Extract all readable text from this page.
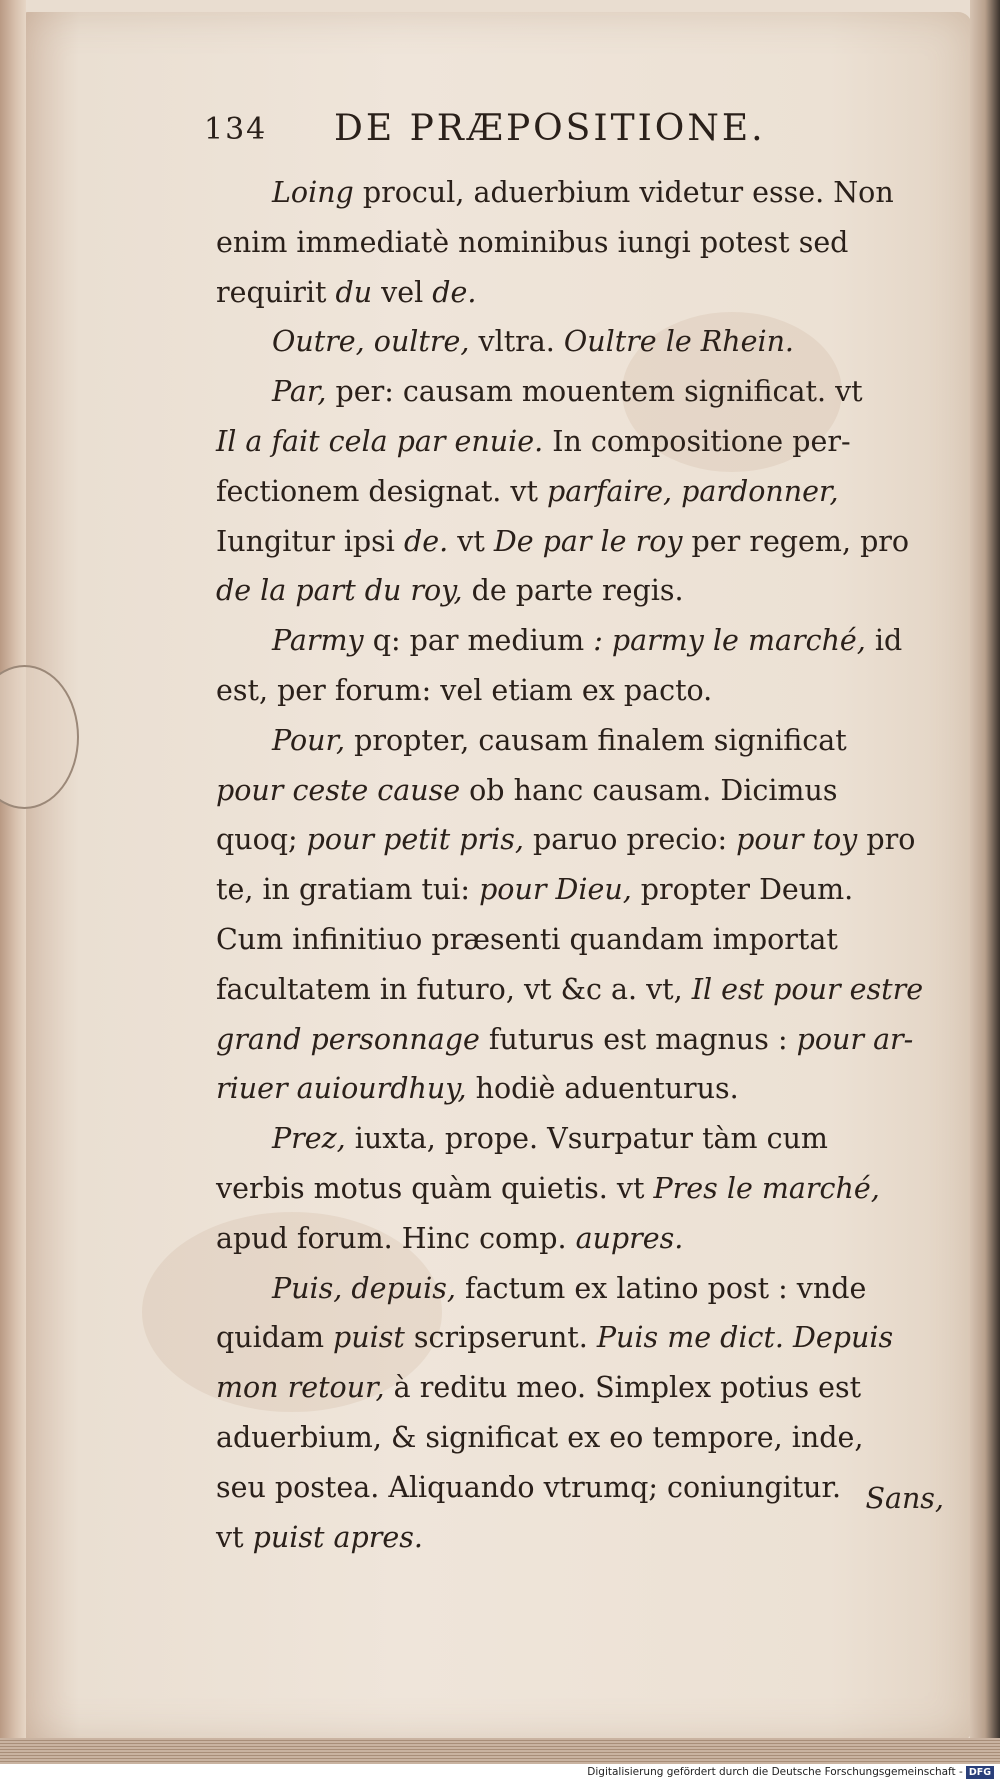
134 DE PRÆPOSITIONE.
Loing procul, aduerbium videtur esse. Non
enim immediatè nominibus iungi potest sed
requirit du vel de.
Outre, oultre, vltra. Oultre le Rhein.
Par, per: causam mouentem significat. vt
Il a fait cela par enuie. In compositione per-
fectionem designat. vt parfaire, pardonner,
Iungitur ipsi de. vt De par le roy per regem, pro
de la part du roy, de parte regis.
Parmy q: par medium : parmy le marché, id
est, per forum: vel etiam ex pacto.
Pour, propter, causam finalem significat
pour ceste cause ob hanc causam. Dicimus
quoq; pour petit pris, paruo precio: pour toy pro
te, in gratiam tui: pour Dieu, propter Deum.
Cum infinitiuo præsenti quandam importat
facultatem in futuro, vt &c a. vt, Il est pour estre
grand personnage futurus est magnus : pour ar-
riuer auiourdhuy, hodiè aduenturus.
Prez, iuxta, prope. Vsurpatur tàm cum
verbis motus quàm quietis. vt Pres le marché,
apud forum. Hinc comp. aupres.
Puis, depuis, factum ex latino post : vnde
quidam puist scripserunt. Puis me dict. Depuis
mon retour, à reditu meo. Simplex potius est
aduerbium, & significat ex eo tempore, inde,
seu postea. Aliquando vtrumq; coniungitur.
vt puist apres.
Sans,
Digitalisierung gefördert durch die Deutsche Forschungsgemeinschaft - DFG
